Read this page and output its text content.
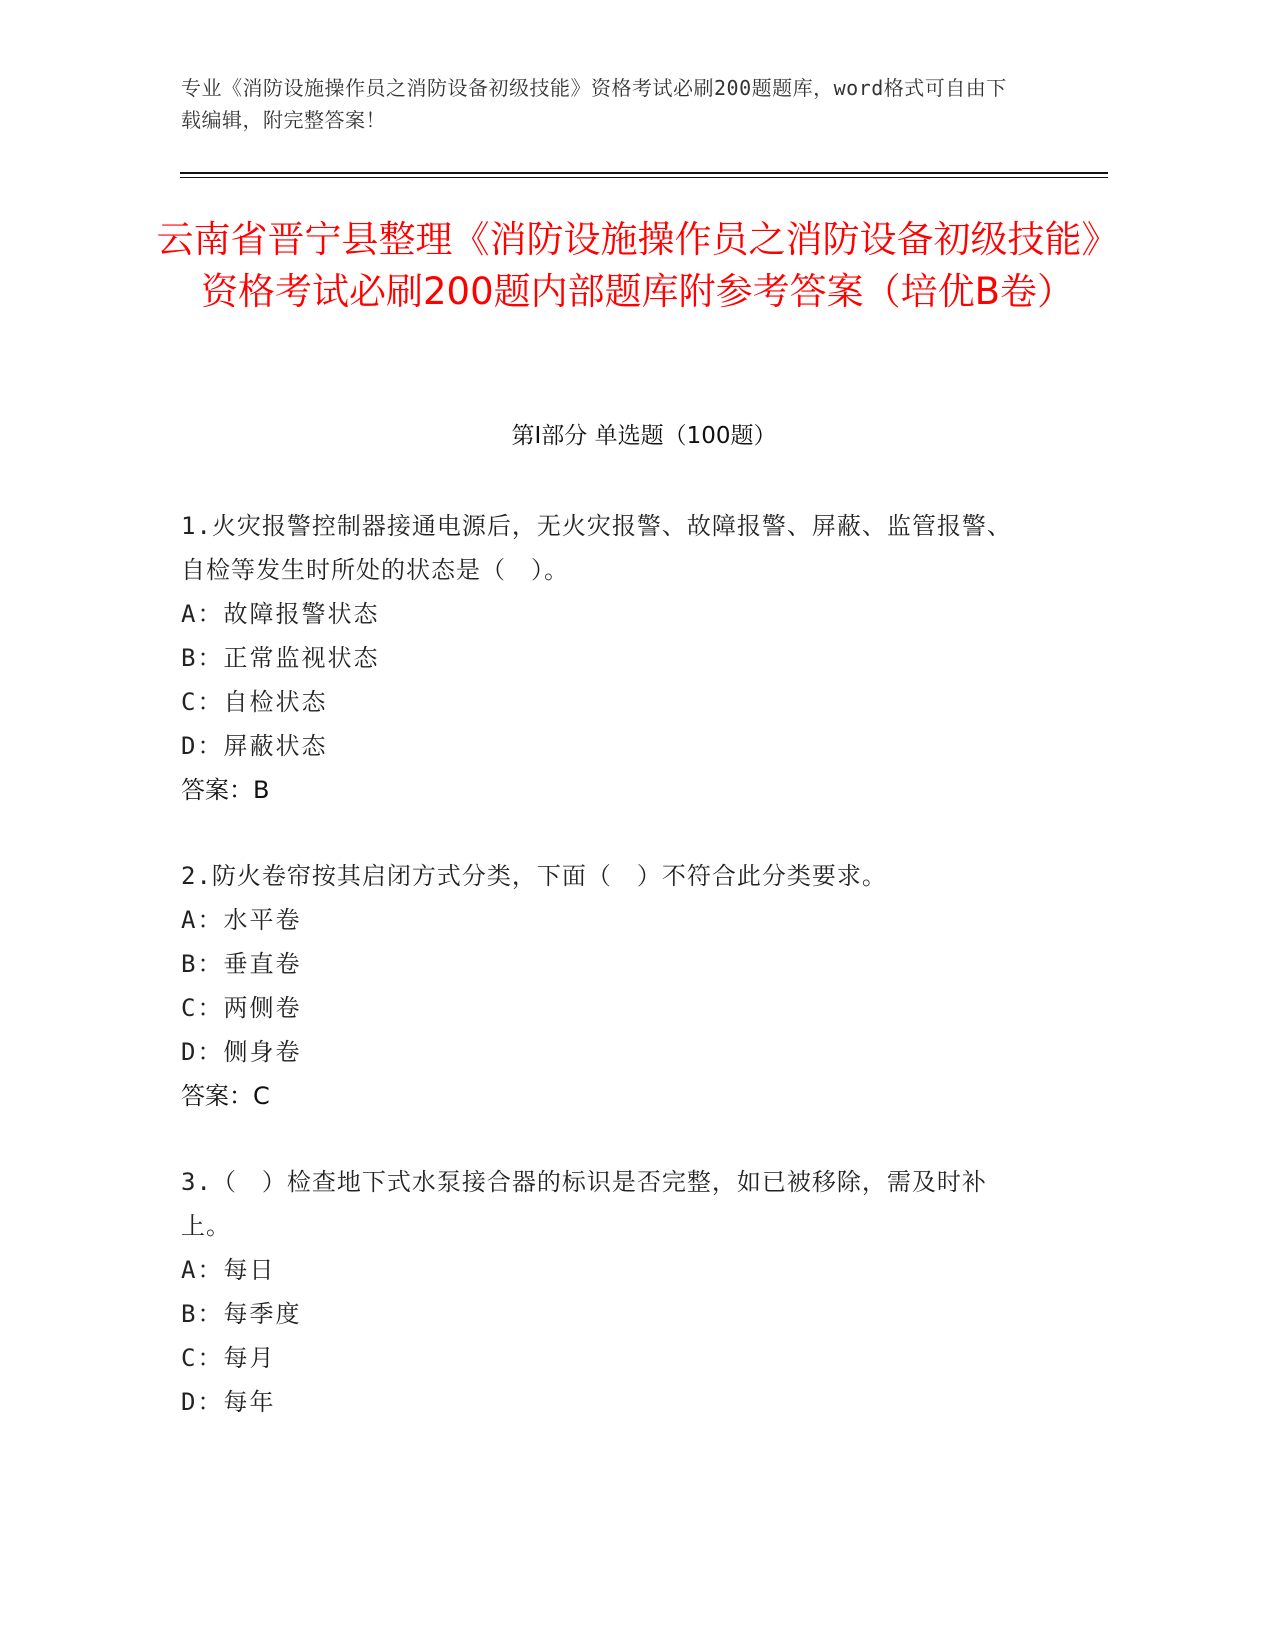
专业《消防设施操作员之消防设备初级技能》资格考试必刷200题题库，word格式可自由下载编辑，附完整答案！
云南省晋宁县整理《消防设施操作员之消防设备初级技能》资格考试必刷200题内部题库附参考答案（培优B卷）
第I部分 单选题（100题）
1.火灾报警控制器接通电源后，无火灾报警、故障报警、屏蔽、监管报警、自检等发生时所处的状态是（　）。
A：故障报警状态
B：正常监视状态
C：自检状态
D：屏蔽状态
答案：B
2.防火卷帘按其启闭方式分类，下面（　）不符合此分类要求。
A：水平卷
B：垂直卷
C：两侧卷
D：侧身卷
答案：C
3.（　）检查地下式水泵接合器的标识是否完整，如已被移除，需及时补上。
A：每日
B：每季度
C：每月
D：每年
